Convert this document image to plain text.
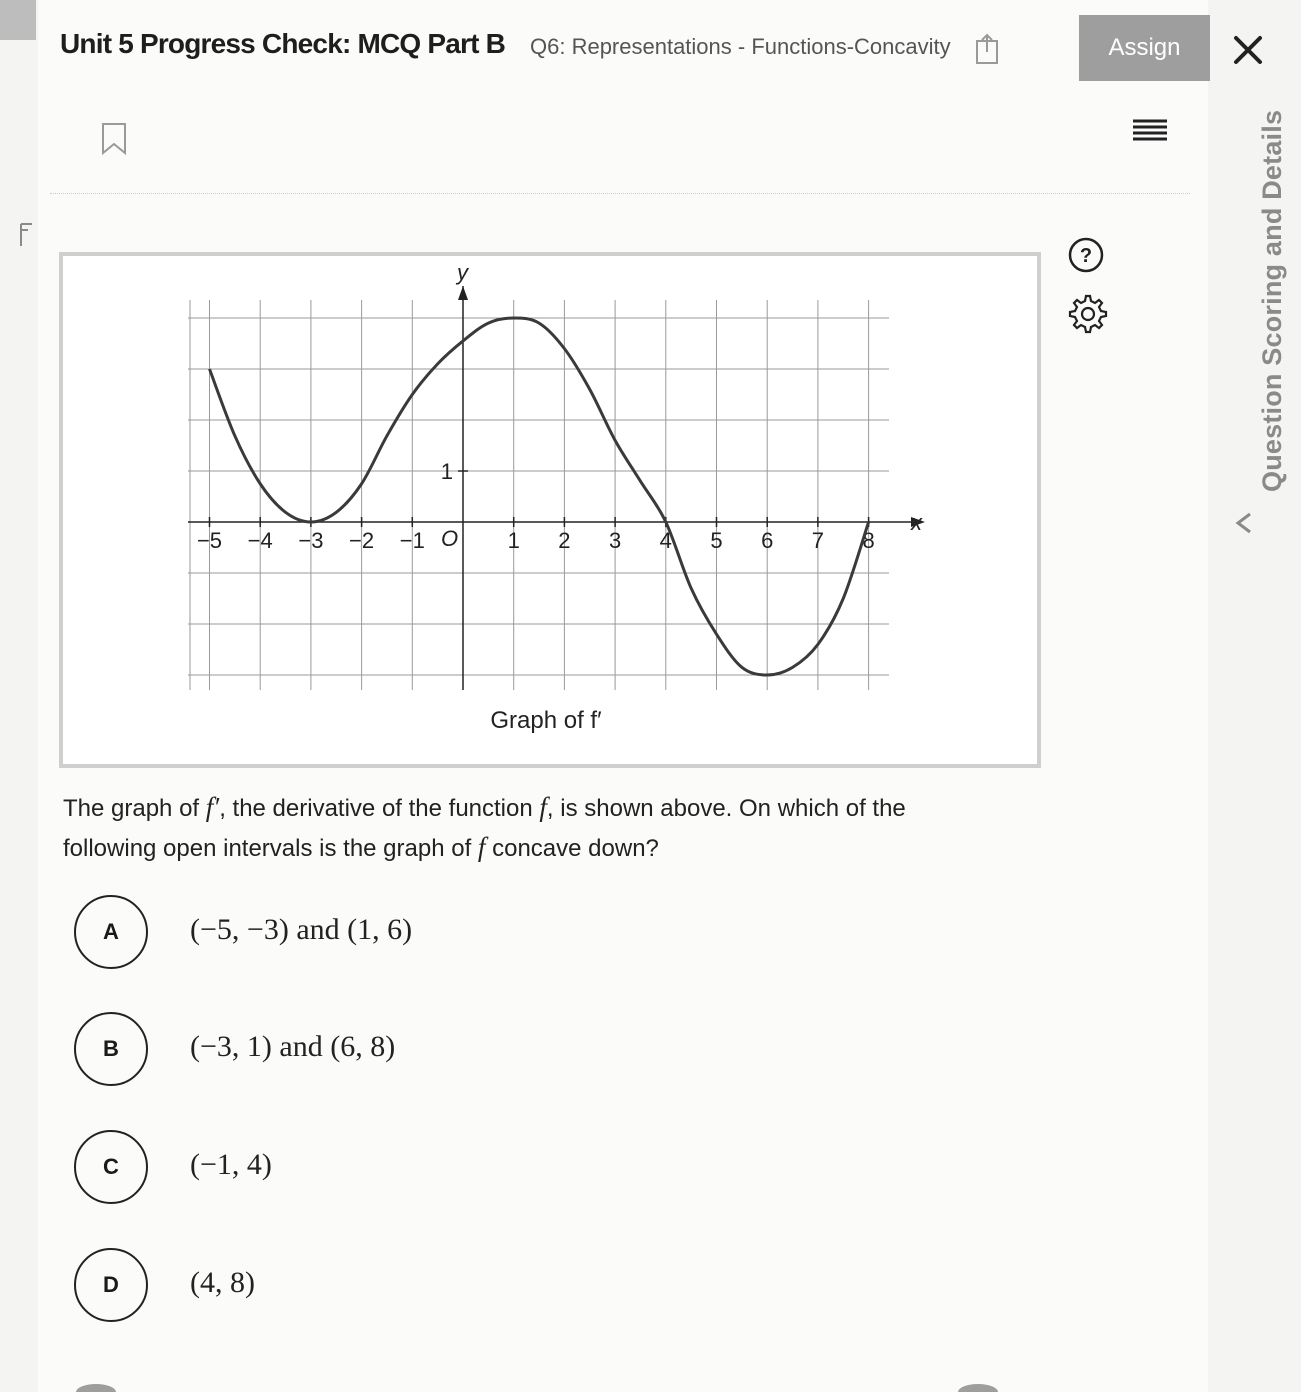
Unit 5 Progress Check: MCQ Part B Q6: Representations - Functions-Concavity	Assign
?	Question Scoring and Details
x
y
O
−5 −4 −3 −2 −1	1 2 3 4 5 6 7 8
1
Graph of f′
The graph of f′, the derivative of the function f, is shown above. On which of the following open intervals is the graph of f concave down?
A	(−5, −3) and (1, 6)
B	(−3, 1) and (6, 8)
C	(−1, 4)
D	(4, 8)
